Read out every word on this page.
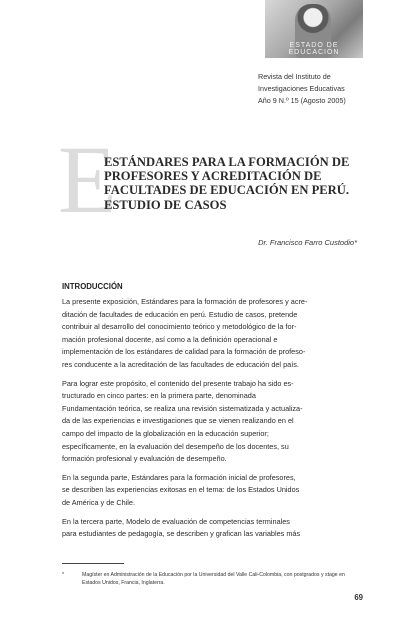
ESTADO DE EDUCACIÓN
Revista del Instituto de
Investigaciones Educativas
Año 9 N.º 15 (Agosto 2005)
E
ESTÁNDARES PARA LA FORMACIÓN DE
PROFESORES Y ACREDITACIÓN DE
FACULTADES DE EDUCACIÓN EN PERÚ.
ESTUDIO DE CASOS
Dr. Francisco Farro Custodio*
INTRODUCCIÓN

La presente exposición, Estándares para la formación de profesores y acre-
ditación de facultades de educación en perú. Estudio de casos, pretende
contribuir al desarrollo del conocimiento teórico y metodológico de la for-
mación profesional docente, así como a la definición operacional e
implementación de los estándares de calidad para la formación de profeso-
res conducente a la acreditación de las facultades de educación del país.

Para lograr este propósito, el contenido del presente trabajo ha sido es-
tructurado en cinco partes: en la primera parte, denominada
Fundamentación teórica, se realiza una revisión sistematizada y actualiza-
da de las experiencias e investigaciones que se vienen realizando en el
campo del impacto de la globalización en la educación superior;
específicamente, en la evaluación del desempeño de los docentes, su
formación profesional y evaluación de desempeño.

En la segunda parte, Estándares para la formación inicial de profesores,
se describen las experiencias exitosas en el tema: de los Estados Unidos
de América y de Chile.

En la tercera parte, Modelo de evaluación de competencias terminales
para estudiantes de pedagogía, se describen y grafican las variables más

*	Magíster en Administración de la Educación por la Universidad del Valle Cali-Colombia, con postgrados y stage en Estados Unidos, Francia, Inglaterra.
69
